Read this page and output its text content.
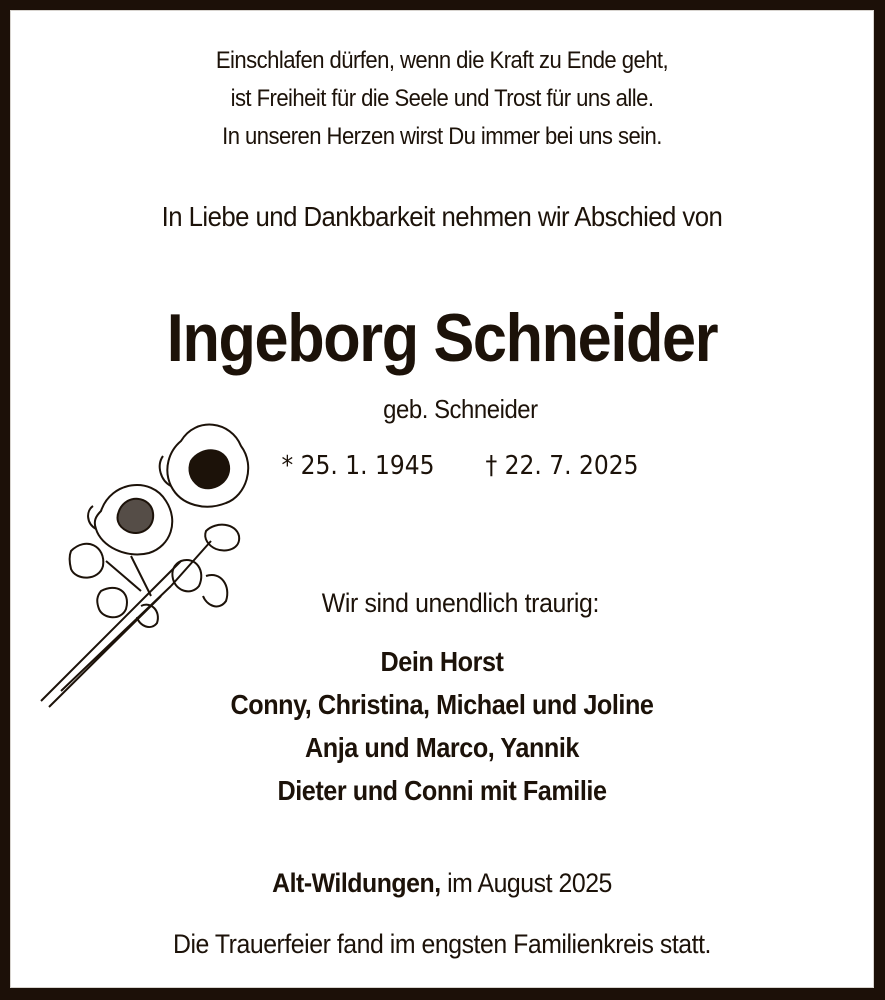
Einschlafen dürfen, wenn die Kraft zu Ende geht,
ist Freiheit für die Seele und Trost für uns alle.
In unseren Herzen wirst Du immer bei uns sein.
In Liebe und Dankbarkeit nehmen wir Abschied von
Ingeborg Schneider
geb. Schneider
* 25. 1. 1945 † 22. 7. 2025
Wir sind unendlich traurig:
Dein Horst
Conny, Christina, Michael und Joline
Anja und Marco, Yannik
Dieter und Conni mit Familie
Alt-Wildungen, im August 2025
Die Trauerfeier fand im engsten Familienkreis statt.
